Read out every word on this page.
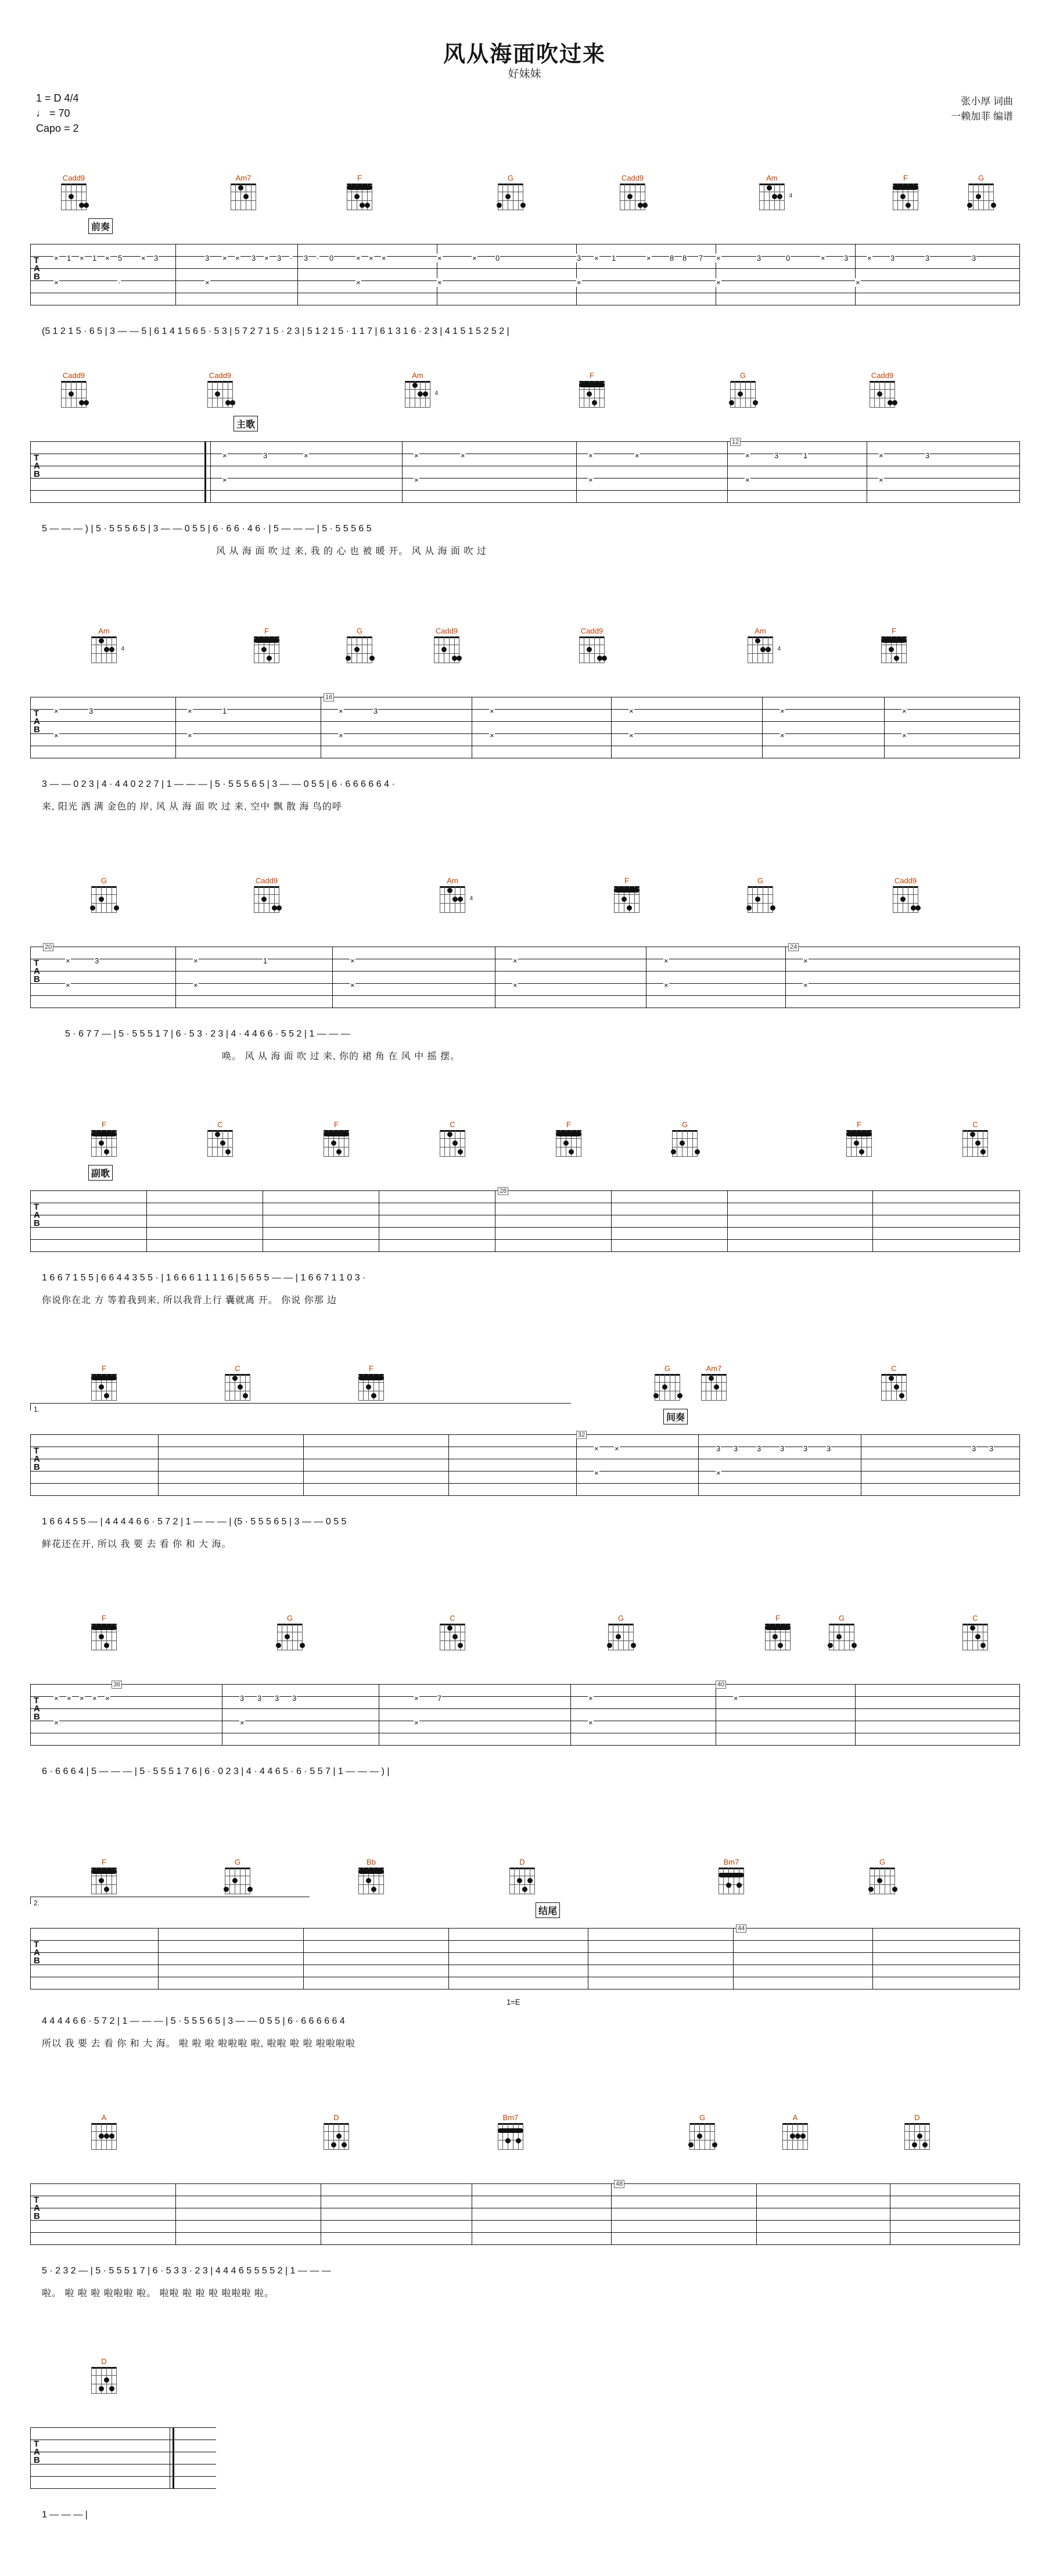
风从海面吹过来
好妹妹
1 = D 4/4
♩ = 70
Capo = 2
张小厚 词曲
一赖加菲 编谱
Cadd9	Am7	F	G	Cadd9	Am
4
F	G
前奏
T
A
B
× 1 × 1 × 5	× 3	3 × × 3 × 3 · 3 · 0	× × ×	×	× 0	3 × 1	× 8 8 7 ×	3	0	× 3	× 3	3	3
×	·	×	×	×	×	×	×
(5 1 2 1 5 · 6 5 | 3 — — 5 | 6 1 4 1 5 6 5 · 5 3 | 5 7 2 7 1 5 · 2 3 | 5 1 2 1 5 · 1 1 7 | 6 1 3 1 6 · 2 3 | 4 1 5 1 5 2 5 2 |
Cadd9	Cadd9	Am
4
F	G	Cadd9
主歌
T
A
B
12
×	3	×	×	×	×	×	×	3	1	×	3
×	×	×	×	×
5 — — — ) | 5 · 5 5 5 6 5 | 3 — — 0 5 5 | 6 · 6 6 · 4 6 · | 5 — — — | 5 · 5 5 5 6 5
风 从 海 面 吹 过 来, 我 的 心 也 被 暖 开。 风 从 海 面 吹 过
Am
4
F	G	Cadd9	Cadd9	Am
4
F
T
A
B
16
×	3	×	1	×	3	×	×	×	×
×	×	×	×	×	×	×
3 — — 0 2 3 | 4 · 4 4 0 2 2 7 | 1 — — — | 5 · 5 5 5 6 5 | 3 — — 0 5 5 | 6 · 6 6 6 6 6 4 ·
来, 阳光 洒 满 金色的 岸, 风 从 海 面 吹 过 来, 空中 飘 散 海 鸟的呼
G	Cadd9	Am
4
F	G	Cadd9
T
A
B
20	24
×	3	×	1	×	×	×	×
×	×	×	×	×	×
5 · 6 7 7 — | 5 · 5 5 5 1 7 | 6 · 5 3 · 2 3 | 4 · 4 4 6 6 · 5 5 2 | 1 — — —
唤。 风 从 海 面 吹 过 来, 你的 裙 角 在 风 中 摇 摆。
F	C	F	C	F	G	F	C
副歌
T
A
B
28
1 6 6 7 1 5 5 | 6 6 4 4 3 5 5 · | 1 6 6 6 1 1 1 1 6 | 5 6 5 5 — — | 1 6 6 7 1 1 0 3 ·
你说你在北 方 等着我到来, 所以我背上行 囊就离 开。 你说 你那 边
F	C	F	G	Am7	C
1.
间奏
T
A
B
32
3 3	3	3	3	3	3 3
× ×
×	×
1 6 6 4 5 5 — | 4 4 4 4 6 6 · 5 7 2 | 1 — — — | (5 · 5 5 5 6 5 | 3 — — 0 5 5
鲜花还在开, 所以 我 要 去 看 你 和 大 海。
F	G	C	G	F	G	C
T
A
B
36	40
× × × × ×	3 3 3 3	× 7	×	×
×	×	×	×
6 · 6 6 6 4 | 5 — — — | 5 · 5 5 5 1 7 6 | 6 · 0 2 3 | 4 · 4 4 6 5 · 6 · 5 5 7 | 1 — — — ) |
F	G	Bb	D	Bm7	G
2.
结尾
T
A
B
44
1=E
4 4 4 4 6 6 · 5 7 2 | 1 — — — | 5 · 5 5 5 6 5 | 3 — — 0 5 5 | 6 · 6 6 6 6 6 4
所以 我 要 去 看 你 和 大 海。 啦 啦 啦 啦啦啦 啦, 啦啦 啦 啦 啦啦啦啦
A	D	Bm7	G	A	D
T
A
B
48
5 · 2 3 2 — | 5 · 5 5 5 1 7 | 6 · 5 3 3 · 2 3 | 4 4 4 6 5 5 5 5 2 | 1 — — —
啦。 啦 啦 啦 啦啦啦 啦。 啦啦 啦 啦 啦 啦啦啦 啦。
D
T
A
B
1 — — — |
